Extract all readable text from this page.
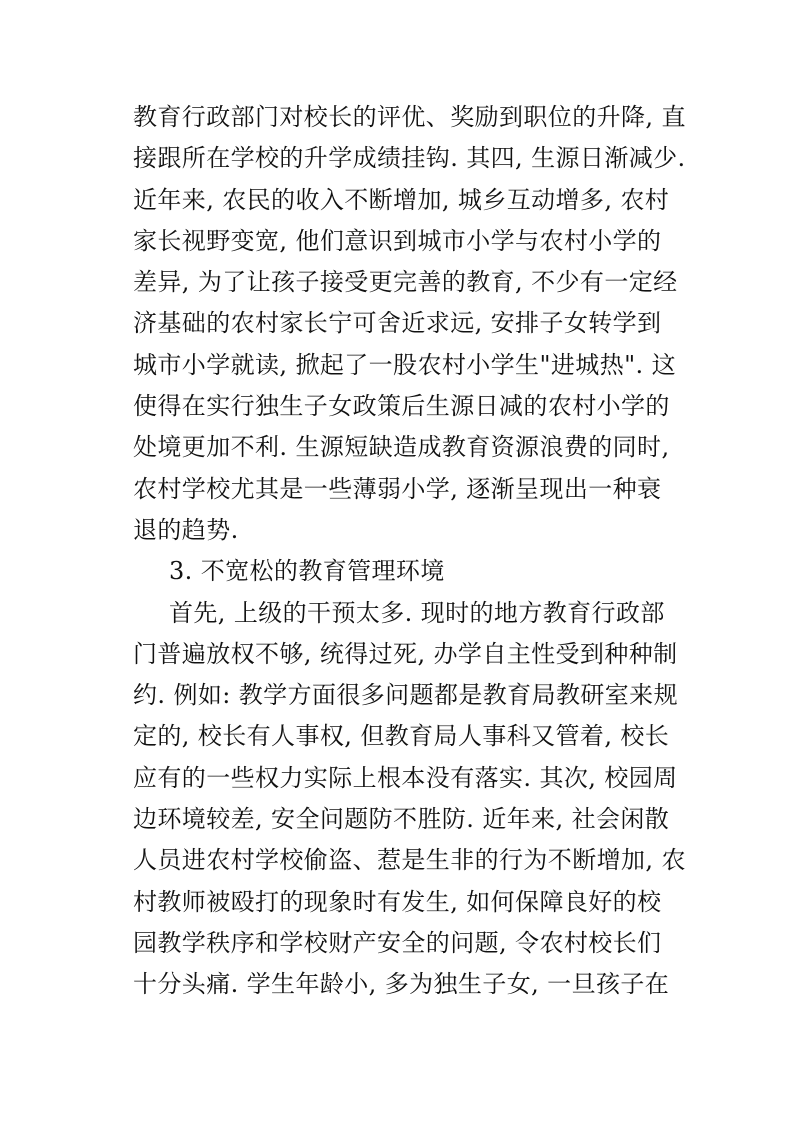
教育行政部门对校长的评优、奖励到职位的升降, 直
接跟所在学校的升学成绩挂钩. 其四, 生源日渐减少.
近年来, 农民的收入不断增加, 城乡互动增多, 农村
家长视野变宽, 他们意识到城市小学与农村小学的
差异, 为了让孩子接受更完善的教育, 不少有一定经
济基础的农村家长宁可舍近求远, 安排子女转学到
城市小学就读, 掀起了一股农村小学生"进城热". 这
使得在实行独生子女政策后生源日减的农村小学的
处境更加不利. 生源短缺造成教育资源浪费的同时,
农村学校尤其是一些薄弱小学, 逐渐呈现出一种衰
退的趋势.
3. 不宽松的教育管理环境
首先, 上级的干预太多. 现时的地方教育行政部
门普遍放权不够, 统得过死, 办学自主性受到种种制
约. 例如: 教学方面很多问题都是教育局教研室来规
定的, 校长有人事权, 但教育局人事科又管着, 校长
应有的一些权力实际上根本没有落实. 其次, 校园周
边环境较差, 安全问题防不胜防. 近年来, 社会闲散
人员进农村学校偷盗、惹是生非的行为不断增加, 农
村教师被殴打的现象时有发生, 如何保障良好的校
园教学秩序和学校财产安全的问题, 令农村校长们
十分头痛. 学生年龄小, 多为独生子女, 一旦孩子在
